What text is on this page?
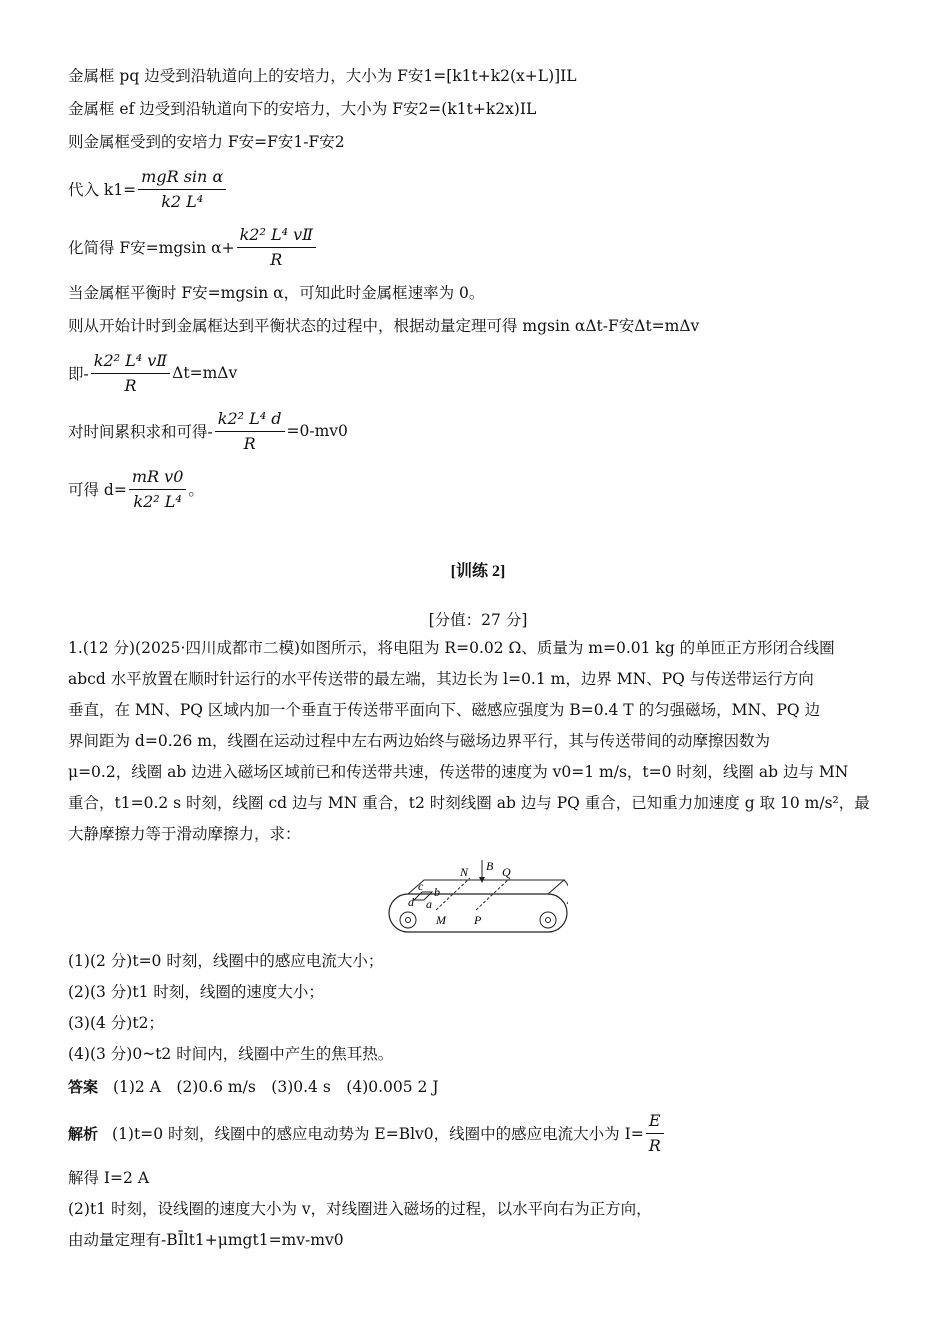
金属框 pq 边受到沿轨道向上的安培力，大小为 F安1=[k1t+k2(x+L)]IL
金属框 ef 边受到沿轨道向下的安培力，大小为 F安2=(k1t+k2x)IL
则金属框受到的安培力 F安=F安1-F安2
代入 $k1= \frac{\text{mgR sin α}}{\text{k2 L⁴}}$
化简得 F安=mgsin $\alpha+ \frac{\text{k2² L⁴ vⅡ}}{R}$
当金属框平衡时 F安=mgsin α，可知此时金属框速率为 0。
则从开始计时到金属框达到平衡状态的过程中，根据动量定理可得 mgsin αΔt-F安Δt=mΔv
即- $\frac{\text{k2² L⁴ vⅡ}}{R} \Delta t=m\Delta v$
对时间累积求和可得- $\frac{\text{k2² L⁴ d}}{R} =0-mv0$
可得 $d= \frac{\text{mR v0}}{\text{k2² L⁴}}$ 。
[训练 2]
[分值：27 分]
1.(12 分)(2025·四川成都市二模)如图所示，将电阻为 R=0.02 Ω、质量为 m=0.01 kg 的单匝正方形闭合线圈
abcd 水平放置在顺时针运行的水平传送带的最左端，其边长为 l=0.1 m，边界 MN、PQ 与传送带运行方向
垂直，在 MN、PQ 区域内加一个垂直于传送带平面向下、磁感应强度为 B=0.4 T 的匀强磁场，MN、PQ 边
界间距为 d=0.26 m，线圈在运动过程中左右两边始终与磁场边界平行，其与传送带间的动摩擦因数为
μ=0.2，线圈 ab 边进入磁场区域前已和传送带共速，传送带的速度为 v0=1 m/s，t=0 时刻，线圈 ab 边与 MN
重合，t1=0.2 s 时刻，线圈 cd 边与 MN 重合，t2 时刻线圈 ab 边与 PQ 重合，已知重力加速度 g 取 10 m/s²，最
大静摩擦力等于滑动摩擦力，求：
N B Q
c b
d a
M P
(1)(2 分)t=0 时刻，线圈中的感应电流大小；
(2)(3 分)t1 时刻，线圈的速度大小；
(3)(4 分)t2；
(4)(3 分)0~t2 时间内，线圈中产生的焦耳热。
答案 (1)2 A　(2)0.6 m/s　(3)0.4 s　(4)0.005 2 J
解析 (1)t=0 时刻，线圈中的感应电动势为 E=Blv0，线圈中的感应电流大小为 $I= \frac{E}{R}$
解得 I=2 A
(2)t1 时刻，设线圈的速度大小为 v，对线圈进入磁场的过程，以水平向右为正方向，
由动量定理有-BĪlt1+μmgt1=mv-mv0
